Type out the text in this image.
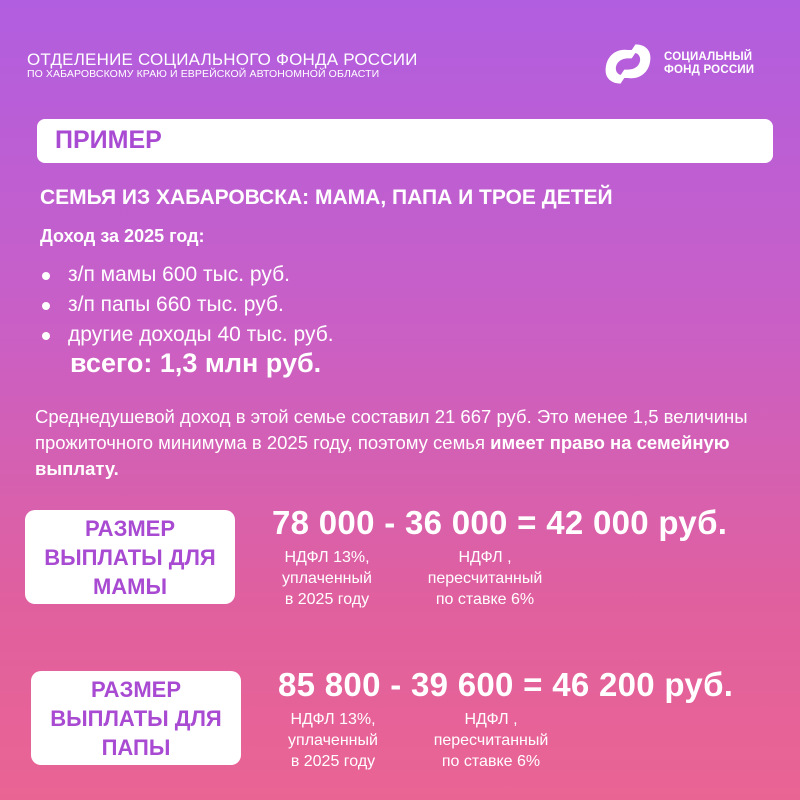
ОТДЕЛЕНИЕ СОЦИАЛЬНОГО ФОНДА РОССИИ
ПО ХАБАРОВСКОМУ КРАЮ И ЕВРЕЙСКОЙ АВТОНОМНОЙ ОБЛАСТИ
СОЦИАЛЬНЫЙ
ФОНД РОССИИ
ПРИМЕР
СЕМЬЯ ИЗ ХАБАРОВСКА: МАМА, ПАПА И ТРОЕ ДЕТЕЙ
Доход за 2025 год:
з/п мамы 600 тыс. руб.
з/п папы 660 тыс. руб.
другие доходы 40 тыс. руб.
всего: 1,3 млн руб.
Среднедушевой доход в этой семье составил 21 667 руб. Это менее 1,5 величины прожиточного минимума в 2025 году, поэтому семья имеет право на семейную выплату.
РАЗМЕР
ВЫПЛАТЫ ДЛЯ
МАМЫ
78 000 - 36 000 = 42 000 руб.
НДФЛ 13%,
уплаченный
в 2025 году
НДФЛ ,
пересчитанный
по ставке 6%
РАЗМЕР
ВЫПЛАТЫ ДЛЯ
ПАПЫ
85 800 - 39 600 = 46 200 руб.
НДФЛ 13%,
уплаченный
в 2025 году
НДФЛ ,
пересчитанный
по ставке 6%
